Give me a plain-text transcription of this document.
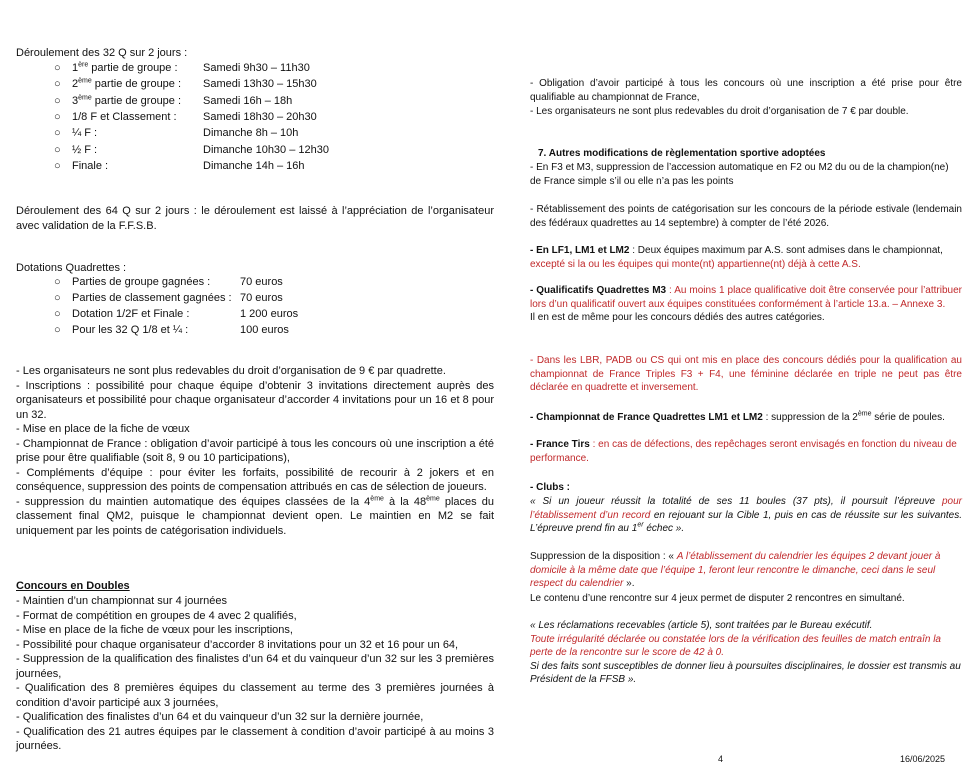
Déroulement des 32 Q sur 2 jours :

○ 1ère partie de groupe : Samedi 9h30 – 11h30
○ 2ème partie de groupe : Samedi 13h30 – 15h30
○ 3ème partie de groupe : Samedi 16h – 18h
○ 1/8 F et Classement : Samedi 18h30 – 20h30
○ ¼ F :	Dimanche 8h – 10h
○ ½ F :	Dimanche 10h30 – 12h30
○ Finale :	Dimanche 14h – 16h

Déroulement des 64 Q sur 2 jours : le déroulement est laissé à l’appréciation de l’organisateur avec validation de la F.F.S.B.

Dotations Quadrettes :

○ Parties de groupe gagnées :	70 euros
○ Parties de classement gagnées : 70 euros
○ Dotation 1/2F et Finale :	1 200 euros
○ Pour les 32 Q 1/8 et ¼ :	100 euros
- Les organisateurs ne sont plus redevables du droit d’organisation de 9 € par quadrette.
- Inscriptions : possibilité pour chaque équipe d’obtenir 3 invitations directement auprès des organisateurs et possibilité pour chaque organisateur d’accorder 4 invitations pour un 16 et 8 pour un 32.
- Mise en place de la fiche de vœux
- Championnat de France : obligation d’avoir participé à tous les concours où une inscription a été prise pour être qualifiable (soit 8, 9 ou 10 participations),
- Compléments d’équipe : pour éviter les forfaits, possibilité de recourir à 2 jokers et en conséquence, suppression des points de compensation attribués en cas de sélection de joueurs.
- suppression du maintien automatique des équipes classées de la 4ème à la 48ème places du classement final QM2, puisque le championnat devient open. Le maintien en M2 se fait uniquement par les points de catégorisation individuels.

Concours en Doubles

- Maintien d’un championnat sur 4 journées
- Format de compétition en groupes de 4 avec 2 qualifiés,
- Mise en place de la fiche de vœux pour les inscriptions,
- Possibilité pour chaque organisateur d’accorder 8 invitations pour un 32 et 16 pour un 64,
- Suppression de la qualification des finalistes d’un 64 et du vainqueur d’un 32 sur les 3 premières journées,
- Qualification des 8 premières équipes du classement au terme des 3 premières journées à condition d’avoir participé aux 3 journées,
- Qualification des finalistes d’un 64 et du vainqueur d’un 32 sur la dernière journée,
- Qualification des 21 autres équipes par le classement à condition d’avoir participé à au moins 3 journées.

- Obligation d’avoir participé à tous les concours où une inscription a été prise pour être qualifiable au championnat de France,

- Les organisateurs ne sont plus redevables du droit d’organisation de 7 € par double.

7. Autres modifications de règlementation sportive adoptées

- En F3 et M3, suppression de l’accession automatique en F2 ou M2 du ou de la champion(ne) de France simple s’il ou elle n’a pas les points

- Rétablissement des points de catégorisation sur les concours de la période estivale (lendemain des fédéraux quadrettes au 14 septembre) à compter de l’été 2026.

- En LF1, LM1 et LM2 : Deux équipes maximum par A.S. sont admises dans le championnat,
excepté si la ou les équipes qui monte(nt) appartienne(nt) déjà à cette A.S.

- Qualificatifs Quadrettes M3 : Au moins 1 place qualificative doit être conservée pour l’attribuer lors d’un qualificatif ouvert aux équipes constituées conformément à l’article 13.a. – Annexe 3.
Il en est de même pour les concours dédiés des autres catégories.

- Dans les LBR, PADB ou CS qui ont mis en place des concours dédiés pour la qualification au championnat de France Triples F3 + F4, une féminine déclarée en triple ne peut pas être déclarée en quadrette et inversement.

- Championnat de France Quadrettes LM1 et LM2 : suppression de la 2ème série de poules.

- France Tirs : en cas de défections, des repêchages seront envisagés en fonction du niveau de performance.

- Clubs :

« Si un joueur réussit la totalité de ses 11 boules (37 pts), il poursuit l’épreuve pour l’établissement d’un record en rejouant sur la Cible 1, puis en cas de réussite sur les suivantes. L’épreuve prend fin au 1er échec ».

Suppression de la disposition : « A l’établissement du calendrier les équipes 2 devant jouer à domicile à la même date que l’équipe 1, feront leur rencontre le dimanche, ceci dans le seul respect du calendrier ».

Le contenu d’une rencontre sur 4 jeux permet de disputer 2 rencontres en simultané.

« Les réclamations recevables (article 5), sont traitées par le Bureau exécutif.
Toute irrégularité déclarée ou constatée lors de la vérification des feuilles de match entraîn la perte de la rencontre sur le score de 42 à 0.
Si des faits sont susceptibles de donner lieu à poursuites disciplinaires, le dossier est transmis au Président de la FFSB ».

4	16/06/2025
